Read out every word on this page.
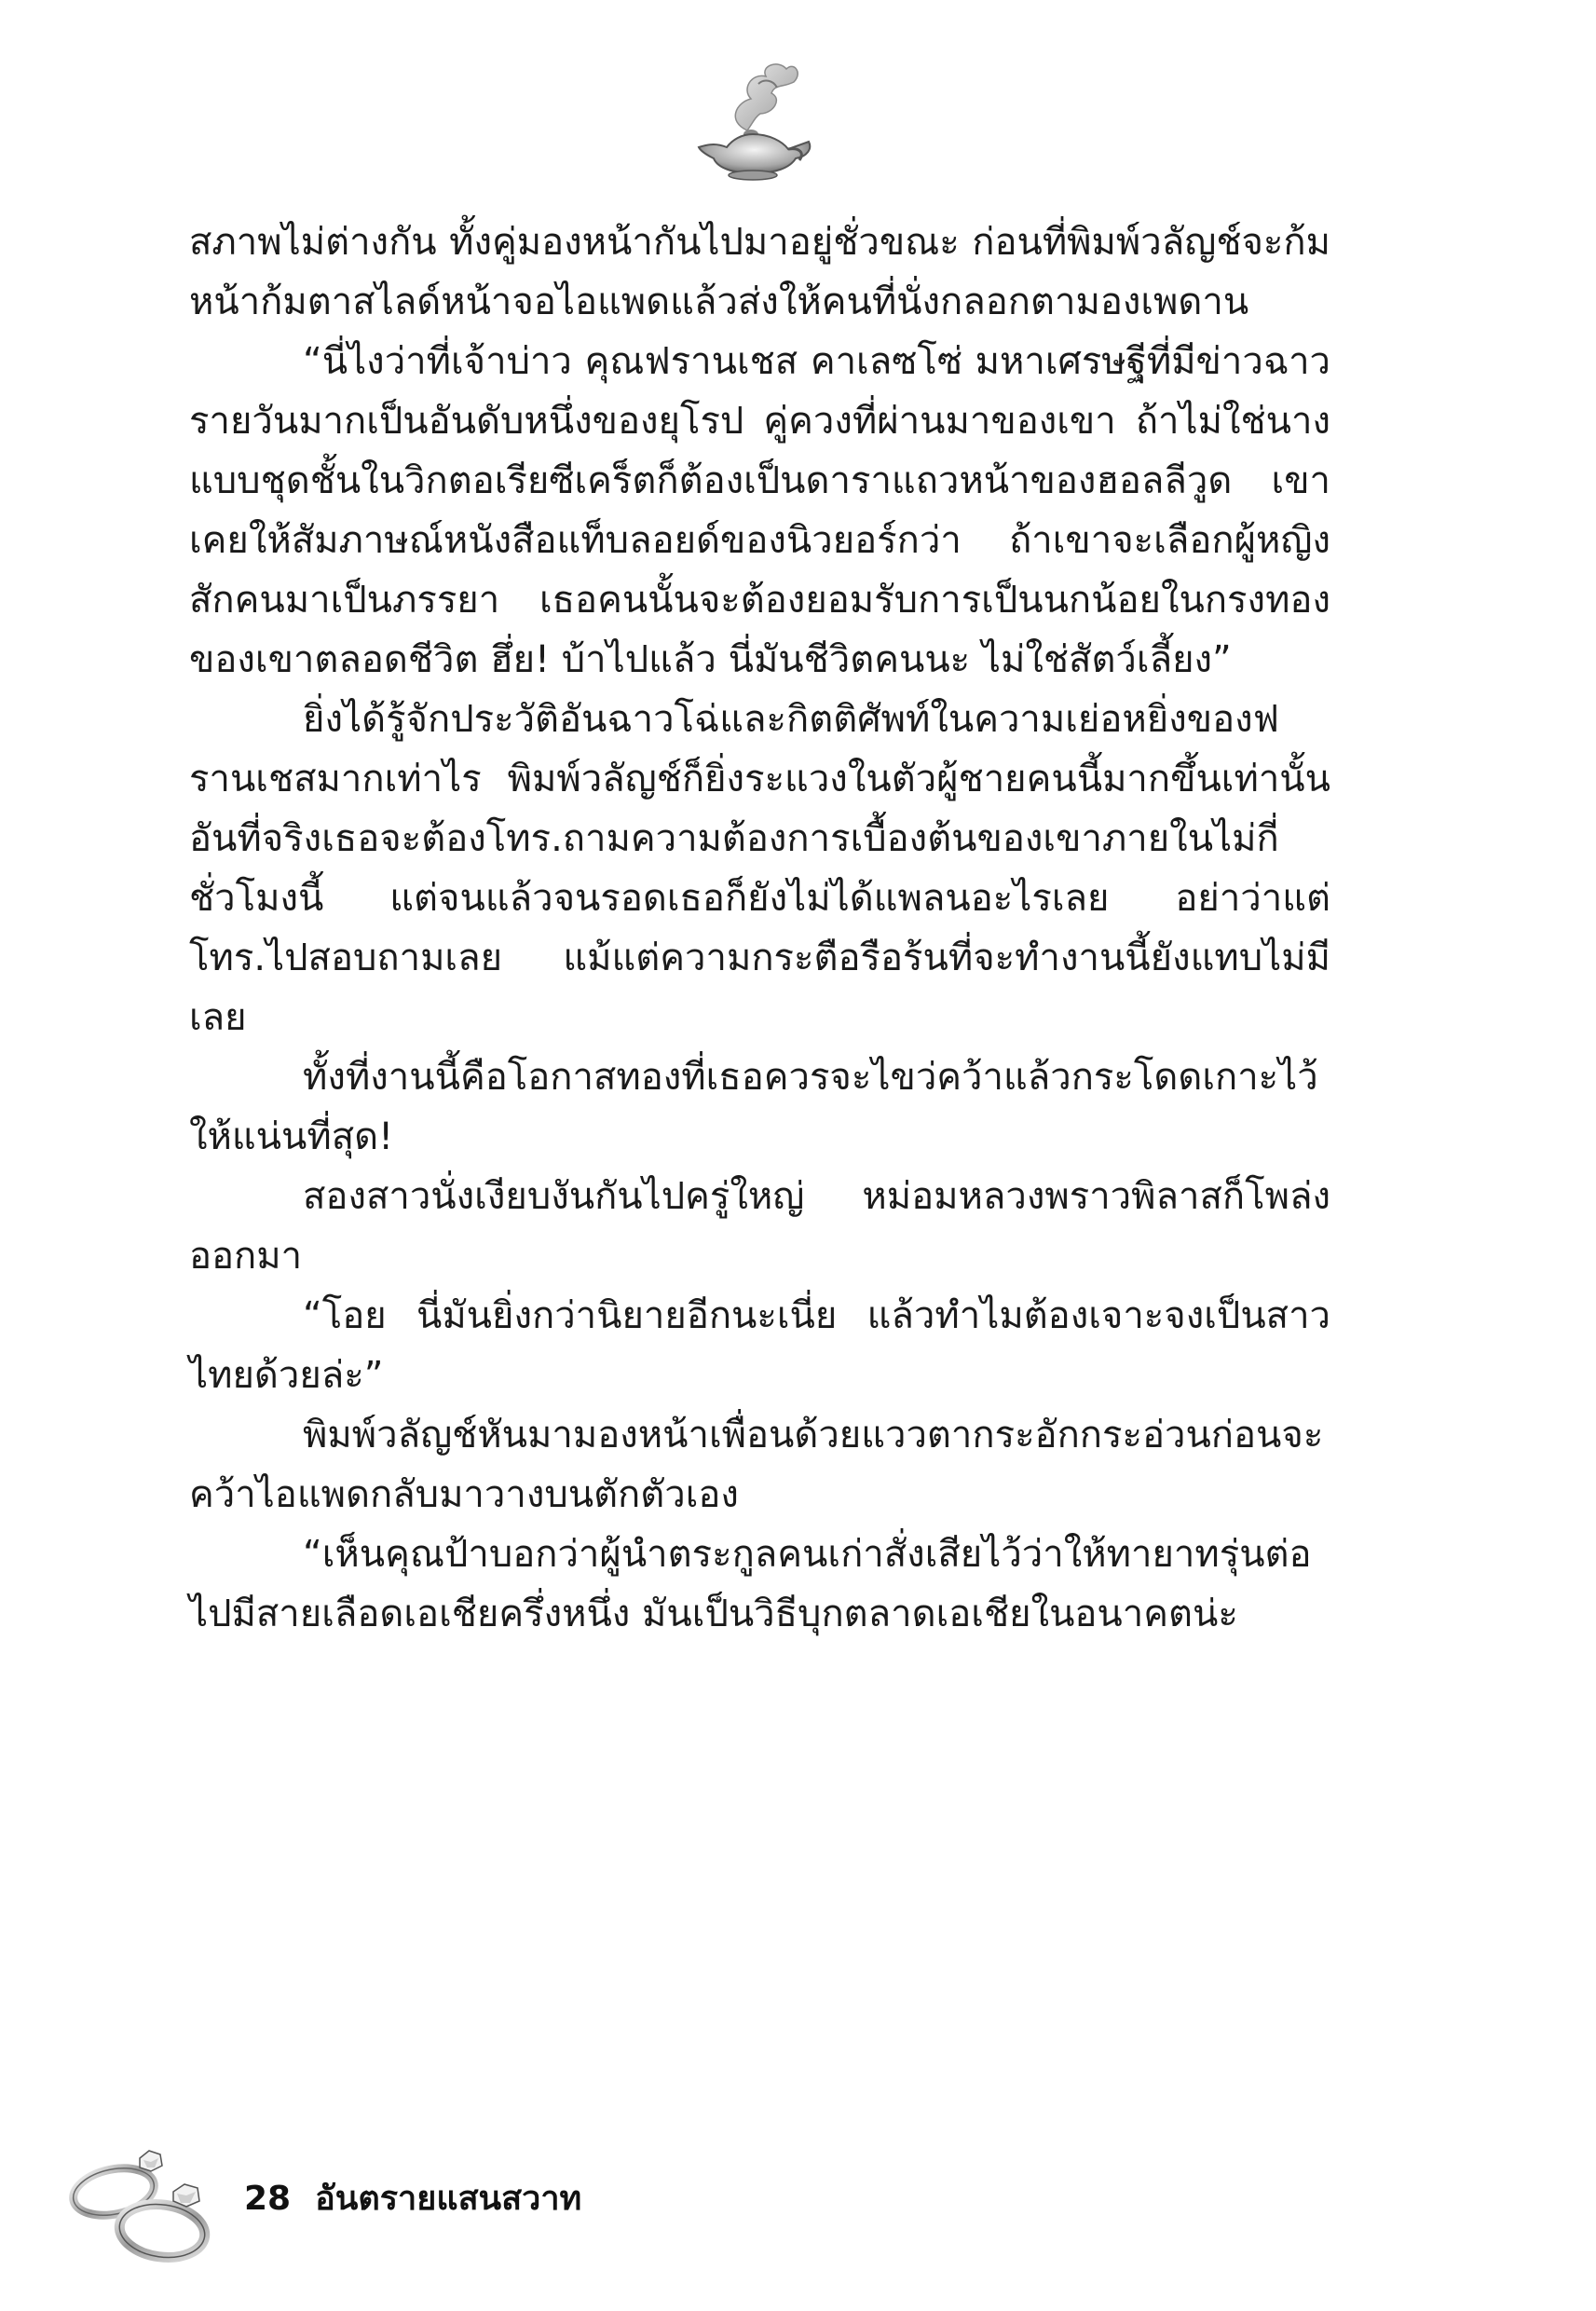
สภาพไม่ต่างกัน ทั้งคู่มองหน้ากันไปมาอยู่ชั่วขณะ ก่อนที่พิมพ์วลัญช์จะก้มหน้าก้มตาสไลด์หน้าจอไอแพดแล้วส่งให้คนที่นั่งกลอกตามองเพดาน

“นี่ไงว่าที่เจ้าบ่าว คุณฟรานเชส คาเลซโซ่ มหาเศรษฐีที่มีข่าวฉาวรายวันมากเป็นอันดับหนึ่งของยุโรป คู่ควงที่ผ่านมาของเขา ถ้าไม่ใช่นางแบบชุดชั้นในวิกตอเรียซีเคร็ตก็ต้องเป็นดาราแถวหน้าของฮอลลีวูด เขาเคยให้สัมภาษณ์หนังสือแท็บลอยด์ของนิวยอร์กว่า ถ้าเขาจะเลือกผู้หญิงสักคนมาเป็นภรรยา เธอคนนั้นจะต้องยอมรับการเป็นนกน้อยในกรงทองของเขาตลอดชีวิต ฮึ่ย! บ้าไปแล้ว นี่มันชีวิตคนนะ ไม่ใช่สัตว์เลี้ยง”

ยิ่งได้รู้จักประวัติอันฉาวโฉ่และกิตติศัพท์ในความเย่อหยิ่งของฟรานเชสมากเท่าไร พิมพ์วลัญช์ก็ยิ่งระแวงในตัวผู้ชายคนนี้มากขึ้นเท่านั้น อันที่จริงเธอจะต้องโทร.ถามความต้องการเบื้องต้นของเขาภายในไม่กี่ชั่วโมงนี้ แต่จนแล้วจนรอดเธอก็ยังไม่ได้แพลนอะไรเลย อย่าว่าแต่โทร.ไปสอบถามเลย แม้แต่ความกระตือรือร้นที่จะทำงานนี้ยังแทบไม่มีเลย

ทั้งที่งานนี้คือโอกาสทองที่เธอควรจะไขว่คว้าแล้วกระโดดเกาะไว้ให้แน่นที่สุด!

สองสาวนั่งเงียบงันกันไปครู่ใหญ่ หม่อมหลวงพราวพิลาสก็โพล่งออกมา

“โอย นี่มันยิ่งกว่านิยายอีกนะเนี่ย แล้วทำไมต้องเจาะจงเป็นสาวไทยด้วยล่ะ”

พิมพ์วลัญช์หันมามองหน้าเพื่อนด้วยแววตากระอักกระอ่วนก่อนจะคว้าไอแพดกลับมาวางบนตักตัวเอง

“เห็นคุณป้าบอกว่าผู้นำตระกูลคนเก่าสั่งเสียไว้ว่าให้ทายาทรุ่นต่อไปมีสายเลือดเอเชียครึ่งหนึ่ง มันเป็นวิธีบุกตลาดเอเชียในอนาคตน่ะ

28 อันตรายแสนสวาท
